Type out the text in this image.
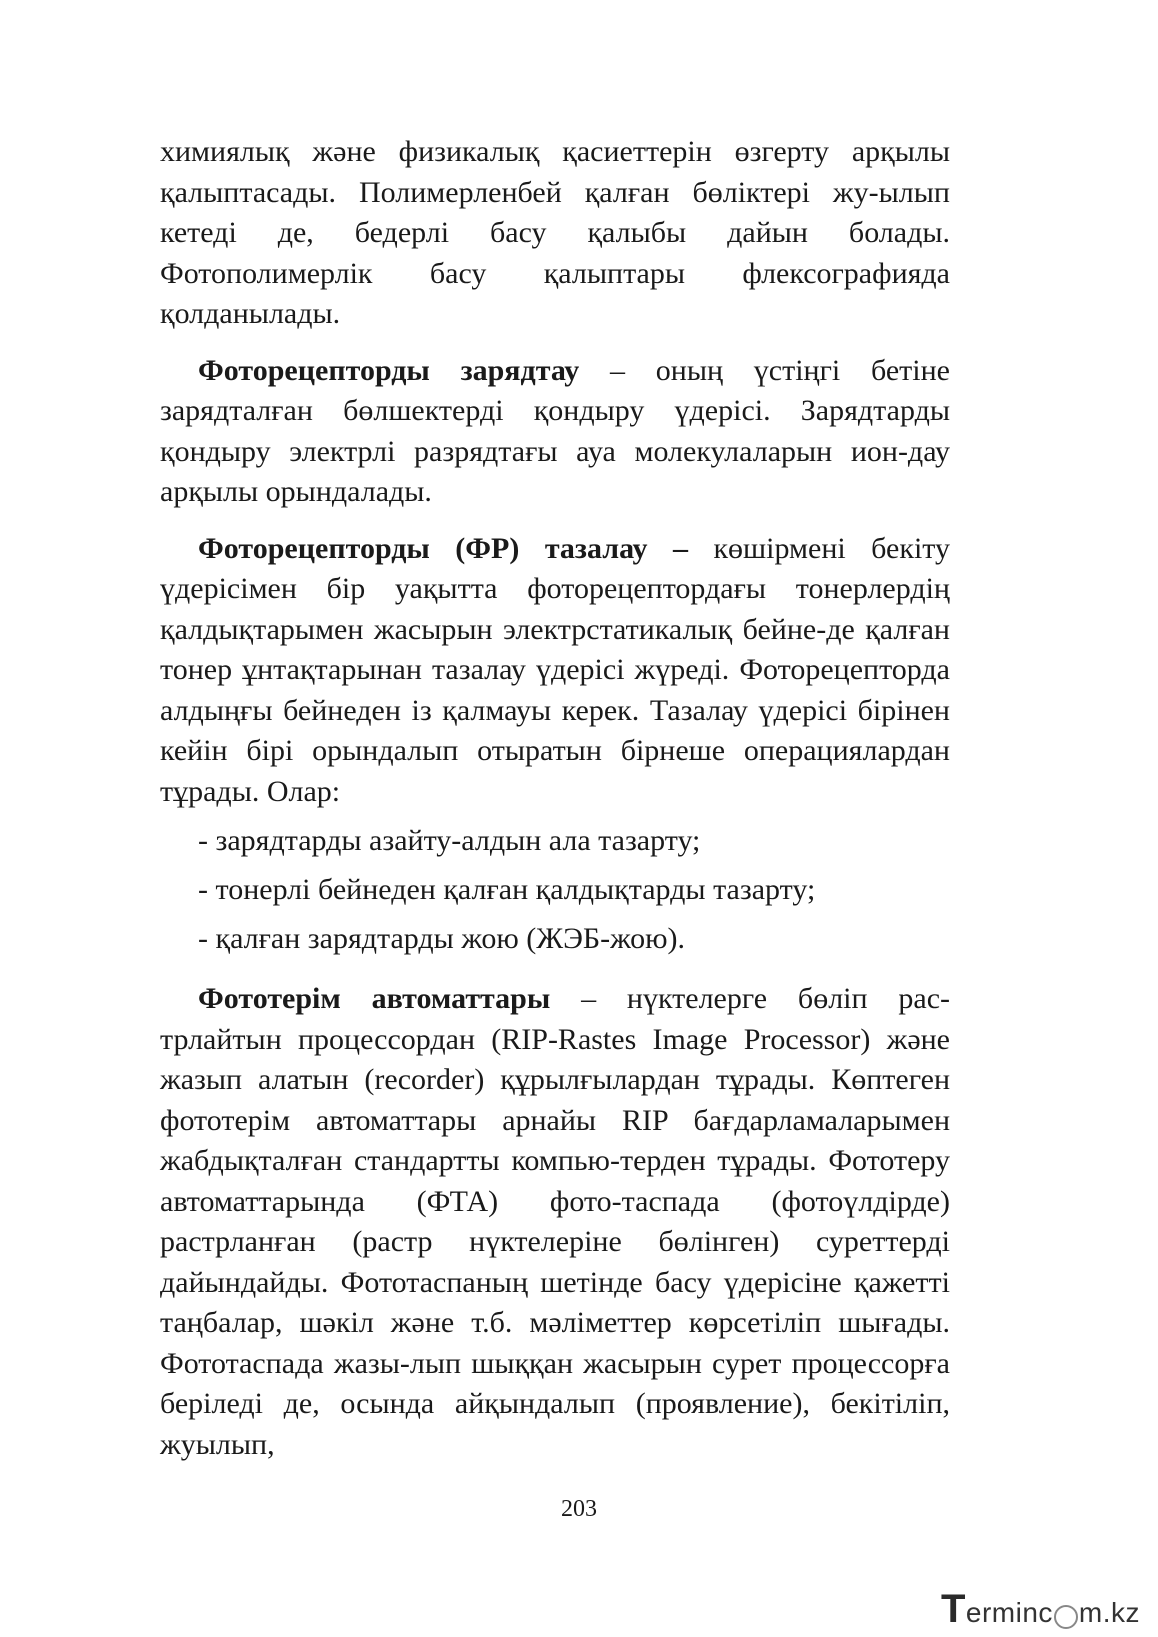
химиялық және физикалық қасиеттерін өзгерту арқылы қалыптасады. Полимерленбей қалған бөліктері жу-ылып кетеді де, бедерлі басу қалыбы дайын болады. Фотополимерлік басу қалыптары флексографияда қолданылады.

Фоторецепторды зарядтау – оның үстіңгі бетіне зарядталған бөлшектерді қондыру үдерісі. Зарядтарды қондыру электрлі разрядтағы ауа молекулаларын ион-дау арқылы орындалады.

Фоторецепторды (ФР) тазалау – көшірмені бекіту үдерісімен бір уақытта фоторецептордағы тонерлердің қалдықтарымен жасырын электрстатикалық бейне-де қалған тонер ұнтақтарынан тазалау үдерісі жүреді. Фоторецепторда алдыңғы бейнеден із қалмауы керек. Тазалау үдерісі бірінен кейін бірі орындалып отыратын бірнеше операциялардан тұрады. Олар:

- зарядтарды азайту-алдын ала тазарту;
- тонерлі бейнеден қалған қалдықтарды тазарту;
- қалған зарядтарды жою (ЖЭБ-жою).

Фототерім автоматтары – нүктелерге бөліп рас-трлайтын процессордан (RIP-Rastes Image Processor) және жазып алатын (recorder) құрылғылардан тұрады. Көптеген фототерім автоматтары арнайы RIP бағдарламаларымен жабдықталған стандартты компью-терден тұрады. Фототеру автоматтарында (ФТА) фото-таспада (фотоүлдірде) растрланған (растр нүктелеріне бөлінген) суреттерді дайындайды. Фототаспаның шетінде басу үдерісіне қажетті таңбалар, шәкіл және т.б. мәліметтер көрсетіліп шығады. Фототаспада жазы-лып шыққан жасырын сурет процессорға беріледі де, осында айқындалып (проявление), бекітіліп, жуылып,

203
T erminc m.kz
